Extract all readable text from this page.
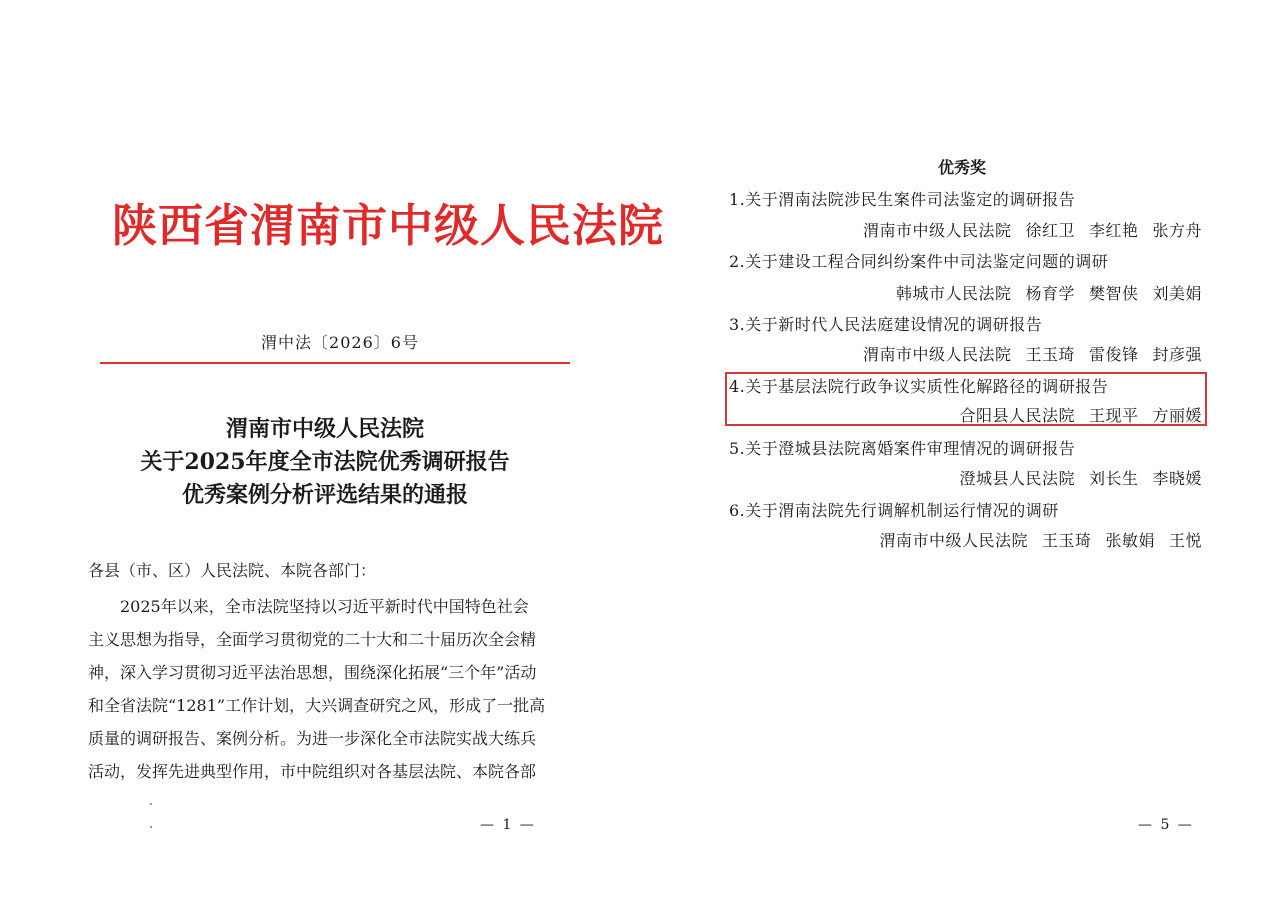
陕西省渭南市中级人民法院
渭中法〔2026〕6号
渭南市中级人民法院
关于2025年度全市法院优秀调研报告
优秀案例分析评选结果的通报
各县（市、区）人民法院、本院各部门：
　　2025年以来，全市法院坚持以习近平新时代中国特色社会
主义思想为指导，全面学习贯彻党的二十大和二十届历次全会精
神，深入学习贯彻习近平法治思想，围绕深化拓展“三个年”活动
和全省法院“1281”工作计划，大兴调查研究之风，形成了一批高
质量的调研报告、案例分析。为进一步深化全市法院实战大练兵
活动，发挥先进典型作用，市中院组织对各基层法院、本院各部
— 1 —
优秀奖
1.关于渭南法院涉民生案件司法鉴定的调研报告
渭南市中级人民法院 徐红卫 李红艳 张方舟
2.关于建设工程合同纠纷案件中司法鉴定问题的调研
韩城市人民法院 杨育学 樊智侠 刘美娟
3.关于新时代人民法庭建设情况的调研报告
渭南市中级人民法院 王玉琦 雷俊锋 封彦强
4.关于基层法院行政争议实质性化解路径的调研报告
合阳县人民法院 王现平 方丽媛
5.关于澄城县法院离婚案件审理情况的调研报告
澄城县人民法院 刘长生 李晓媛
6.关于渭南法院先行调解机制运行情况的调研
渭南市中级人民法院 王玉琦 张敏娟 王悦
— 5 —
